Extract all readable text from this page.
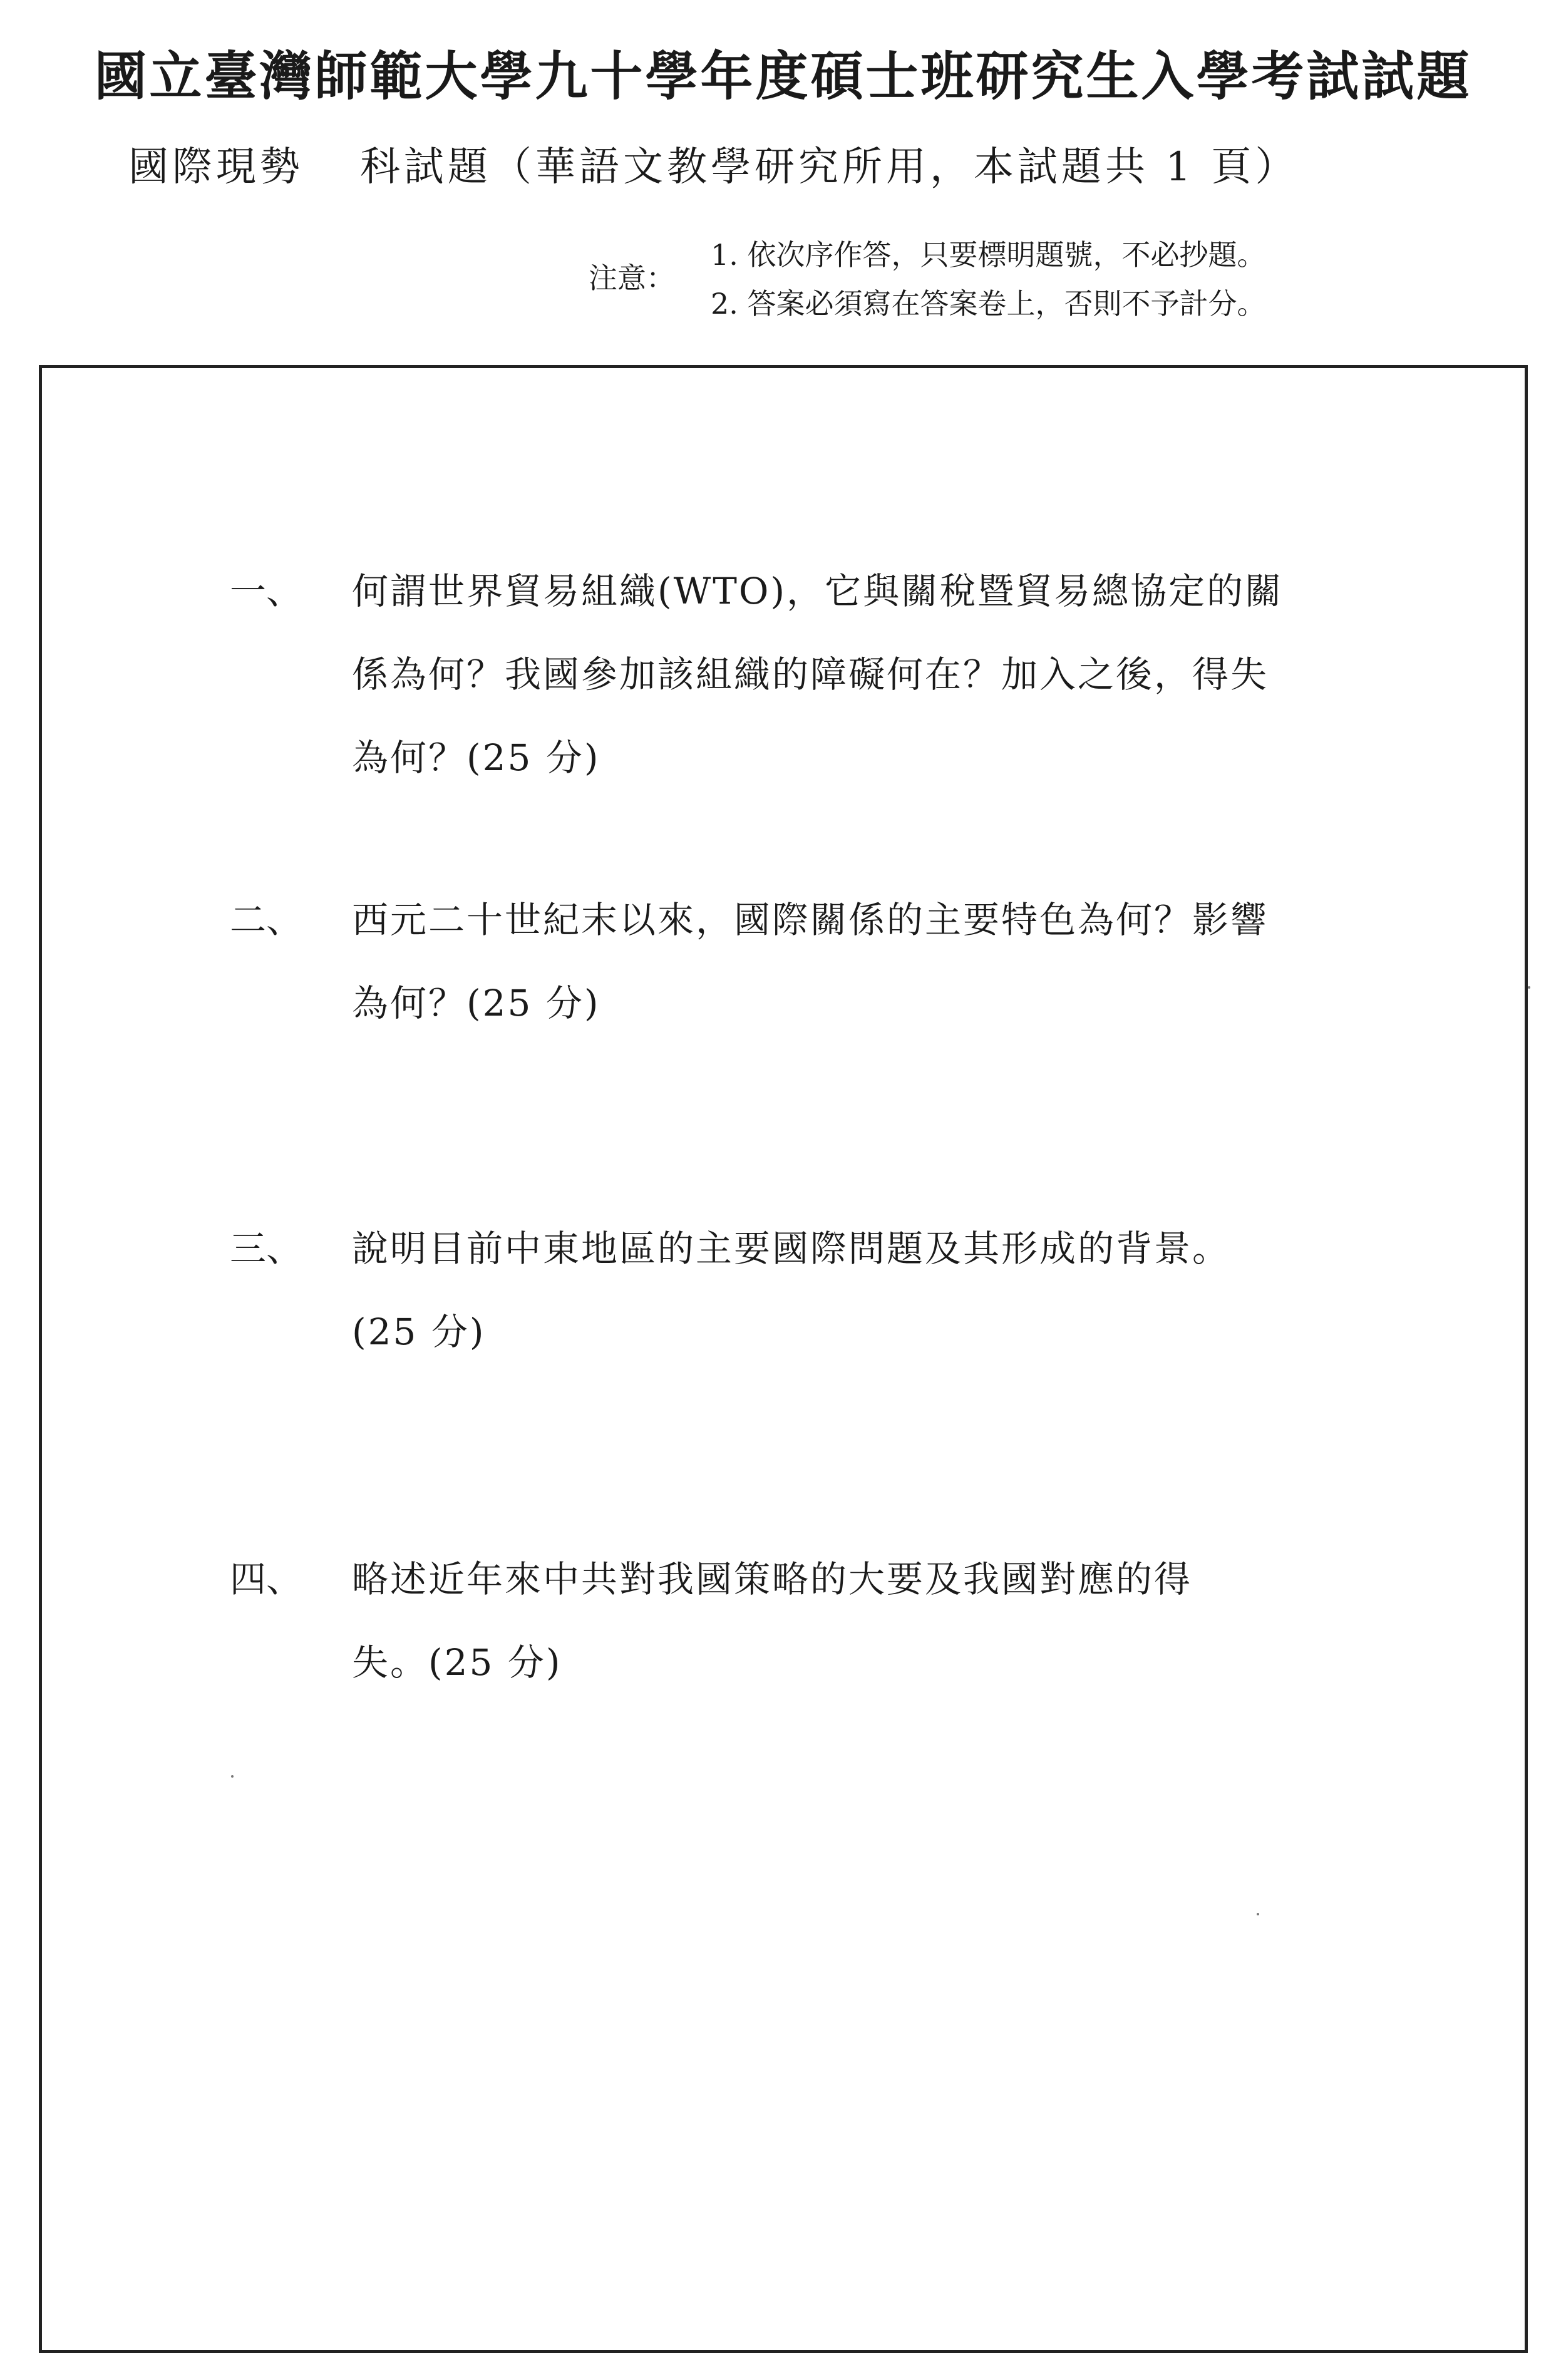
國立臺灣師範大學九十學年度碩士班研究生入學考試試題
國際現勢 科試題（華語文教學研究所用，本試題共 1 頁）
注意：
1. 依次序作答，只要標明題號，不必抄題。
2. 答案必須寫在答案卷上，否則不予計分。
一、 何謂世界貿易組織(WTO)，它與關稅暨貿易總協定的關
係為何？我國參加該組織的障礙何在？加入之後，得失
為何？(25 分)
二、 西元二十世紀末以來，國際關係的主要特色為何？影響
為何？(25 分)
三、 說明目前中東地區的主要國際問題及其形成的背景。
(25 分)
四、 略述近年來中共對我國策略的大要及我國對應的得
失。(25 分)
